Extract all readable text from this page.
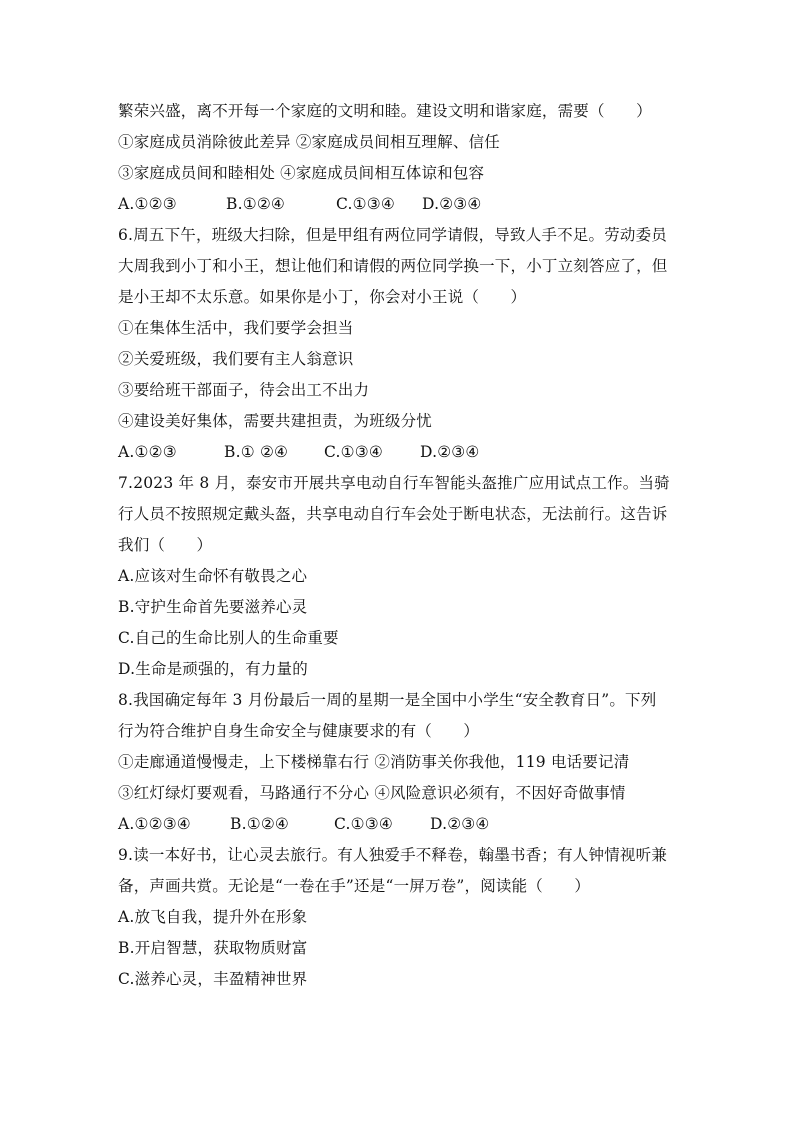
繁荣兴盛，离不开每一个家庭的文明和睦。建设文明和谐家庭，需要（　　）
①家庭成员消除彼此差异 ②家庭成员间相互理解、信任
③家庭成员间和睦相处 ④家庭成员间相互体谅和包容
A.①②③	B.①②④	C.①③④ D.②③④
6.周五下午，班级大扫除，但是甲组有两位同学请假，导致人手不足。劳动委员
大周我到小丁和小王，想让他们和请假的两位同学换一下，小丁立刻答应了，但
是小王却不太乐意。如果你是小丁，你会对小王说（　　）
①在集体生活中，我们要学会担当
②关爱班级，我们要有主人翁意识
③要给班干部面子，待会出工不出力
④建设美好集体，需要共建担责，为班级分忧
A.①②③	B.① ②④ C.①③④ D.②③④
7.2023 年 8 月，泰安市开展共享电动自行车智能头盔推广应用试点工作。当骑
行人员不按照规定戴头盔，共享电动自行车会处于断电状态，无法前行。这告诉
我们（　　）
A.应该对生命怀有敬畏之心
B.守护生命首先要滋养心灵
C.自己的生命比别人的生命重要
D.生命是顽强的，有力量的
8.我国确定每年 3 月份最后一周的星期一是全国中小学生“安全教育日”。下列
行为符合维护自身生命安全与健康要求的有（　　）
①走廊通道慢慢走，上下楼梯靠右行 ②消防事关你我他，119 电话要记清
③红灯绿灯要观看，马路通行不分心 ④风险意识必须有，不因好奇做事情
A.①②③④	B.①②④	C.①③④ D.②③④
9.读一本好书，让心灵去旅行。有人独爱手不释卷，翰墨书香；有人钟情视听兼
备，声画共赏。无论是“一卷在手”还是“一屏万卷”，阅读能（　　）
A.放飞自我，提升外在形象
B.开启智慧，获取物质财富
C.滋养心灵，丰盈精神世界
